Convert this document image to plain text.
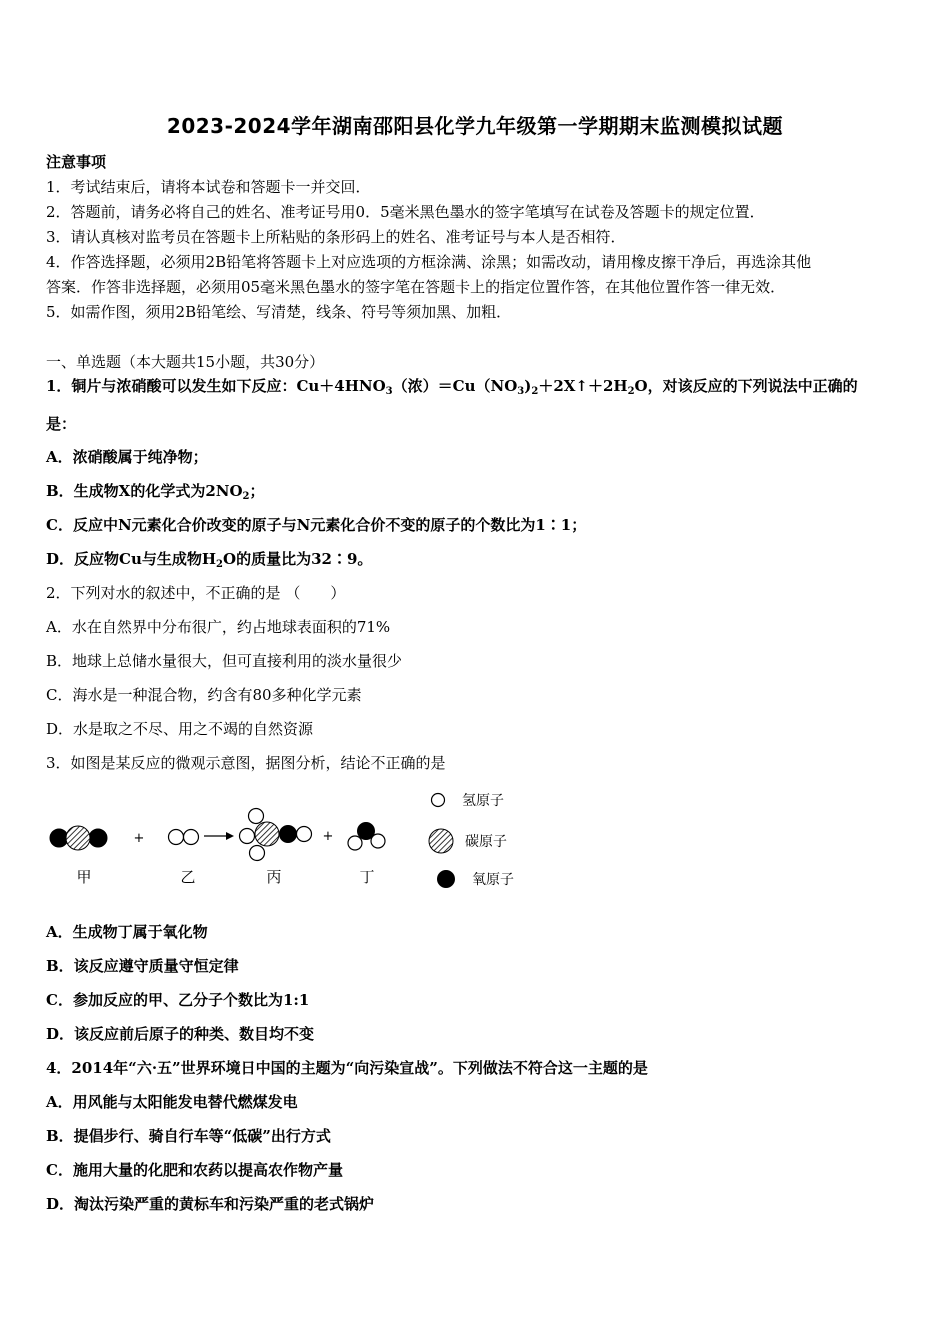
2023-2024学年湖南邵阳县化学九年级第一学期期末监测模拟试题
注意事项
1．考试结束后，请将本试卷和答题卡一并交回．
2．答题前，请务必将自己的姓名、准考证号用0．5毫米黑色墨水的签字笔填写在试卷及答题卡的规定位置．
3．请认真核对监考员在答题卡上所粘贴的条形码上的姓名、准考证号与本人是否相符．
4．作答选择题，必须用2B铅笔将答题卡上对应选项的方框涂满、涂黑；如需改动，请用橡皮擦干净后，再选涂其他
答案．作答非选择题，必须用05毫米黑色墨水的签字笔在答题卡上的指定位置作答，在其他位置作答一律无效．
5．如需作图，须用2B铅笔绘、写清楚，线条、符号等须加黑、加粗．
一、单选题（本大题共15小题，共30分）
1．铜片与浓硝酸可以发生如下反应：$Cu+4HNO_3$（浓）$=Cu(NO_3)_2+2X↑+2H_2O$，对该反应的下列说法中正确的
是：
A．浓硝酸属于纯净物；
B．生成物X的化学式为$2NO_2$；
C．反应中N元素化合价改变的原子与N元素化合价不变的原子的个数比为1∶1；
D．反应物Cu与生成物$H_2O$的质量比为32∶9。
2．下列对水的叙述中，不正确的是 （　　）
A．水在自然界中分布很广，约占地球表面积的71%
B．地球上总储水量很大，但可直接利用的淡水量很少
C．海水是一种混合物，约含有80多种化学元素
D．水是取之不尽、用之不竭的自然资源
3．如图是某反应的微观示意图，据图分析，结论不正确的是
+	+
甲	乙	丙	丁
氢原子
碳原子
氧原子
A．生成物丁属于氧化物
B．该反应遵守质量守恒定律
C．参加反应的甲、乙分子个数比为1:1
D．该反应前后原子的种类、数目均不变
4．2014年“六·五”世界环境日中国的主题为“向污染宣战”。下列做法不符合这一主题的是
A．用风能与太阳能发电替代燃煤发电
B．提倡步行、骑自行车等“低碳”出行方式
C．施用大量的化肥和农药以提高农作物产量
D．淘汰污染严重的黄标车和污染严重的老式锅炉
